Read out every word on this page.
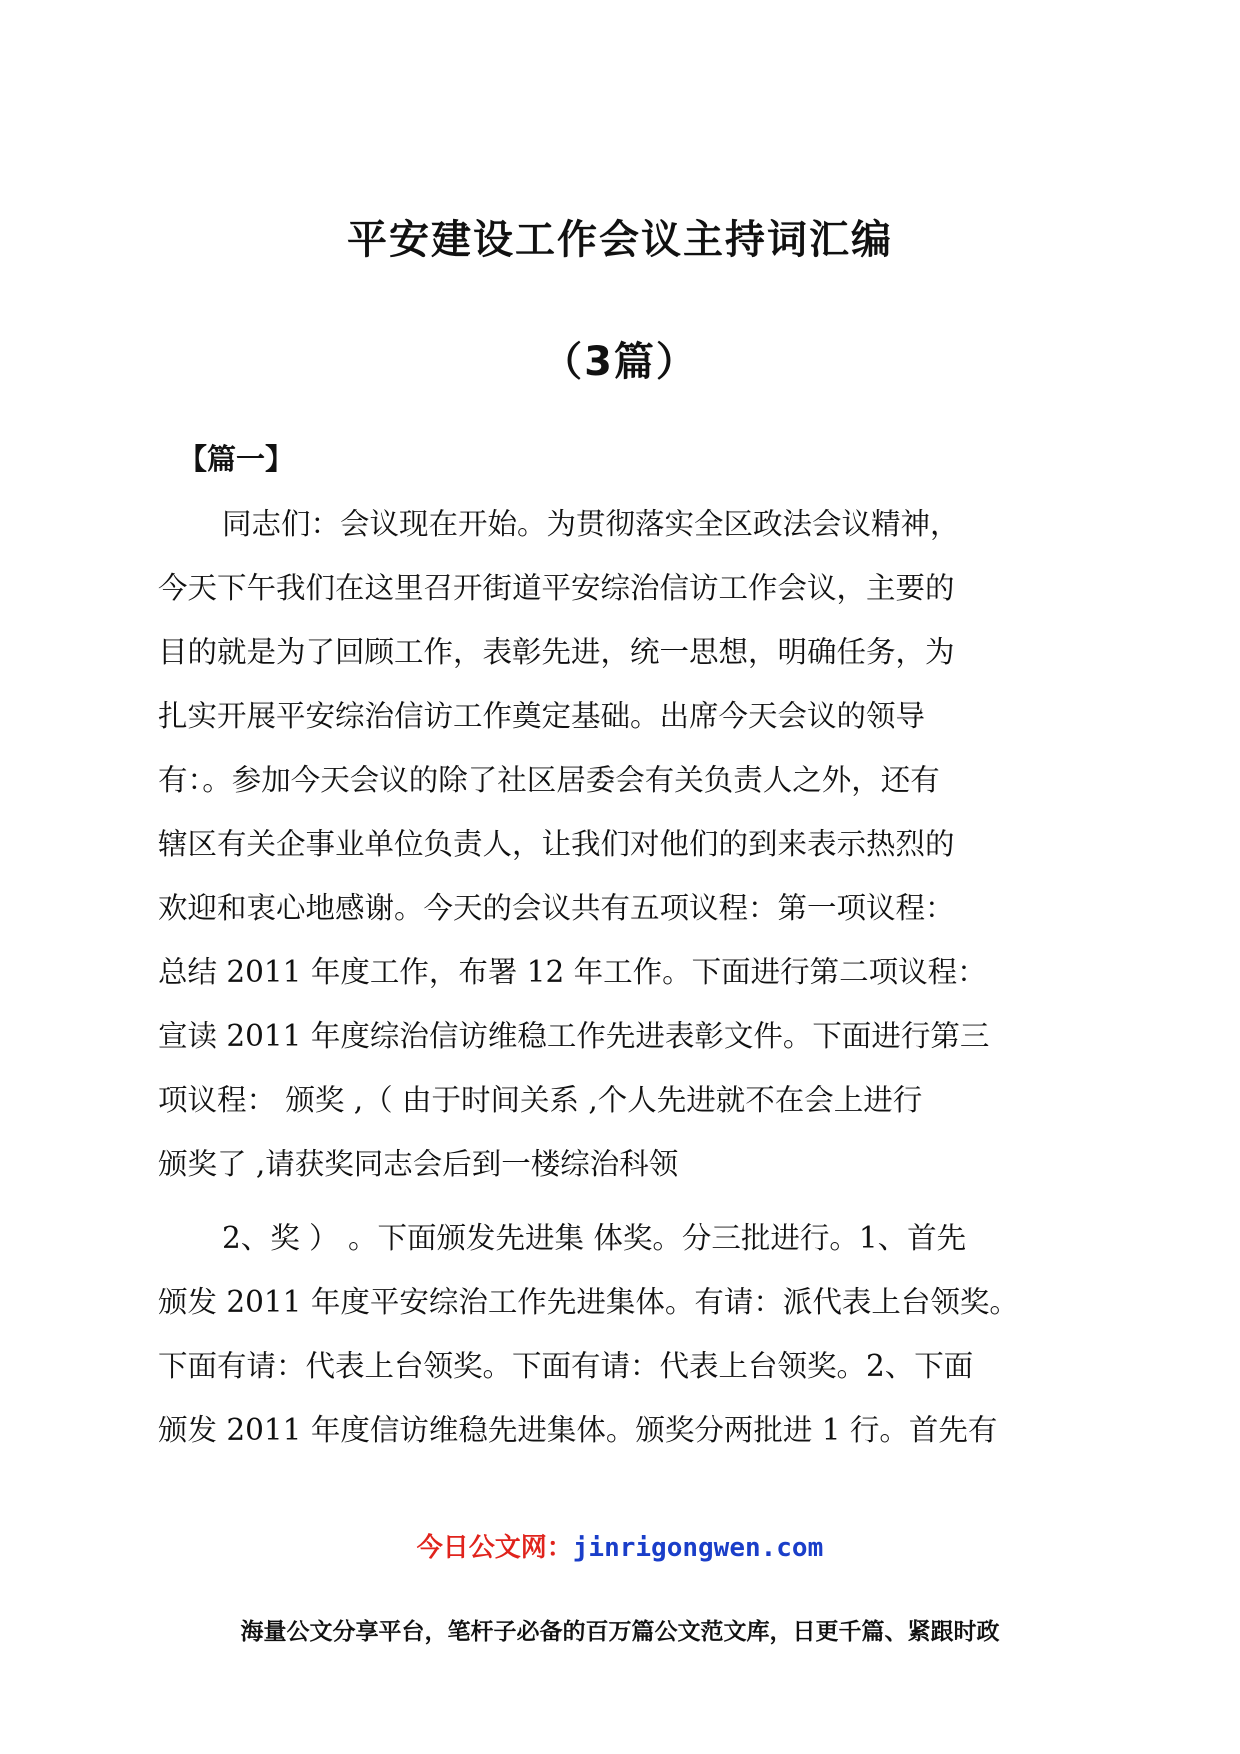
平安建设工作会议主持词汇编
（3篇）

【篇一】

同志们：会议现在开始。为贯彻落实全区政法会议精神，

今天下午我们在这里召开街道平安综治信访工作会议，主要的

目的就是为了回顾工作，表彰先进，统一思想，明确任务，为

扎实开展平安综治信访工作奠定基础。出席今天会议的领导

有：。参加今天会议的除了社区居委会有关负责人之外，还有

辖区有关企事业单位负责人，让我们对他们的到来表示热烈的

欢迎和衷心地感谢。今天的会议共有五项议程：第一项议程：

总结 2011 年度工作，布署 12 年工作。下面进行第二项议程：

宣读 2011 年度综治信访维稳工作先进表彰文件。下面进行第三

项议程： 颁奖 ,（ 由于时间关系 ,个人先进就不在会上进行

颁奖了 ,请获奖同志会后到一楼综治科领

2、奖 ） 。下面颁发先进集 体奖。分三批进行。1、首先

颁发 2011 年度平安综治工作先进集体。有请：派代表上台领奖。

下面有请：代表上台领奖。下面有请：代表上台领奖。2、下面

颁发 2011 年度信访维稳先进集体。颁奖分两批进 1 行。首先有

今日公文网：jinrigongwen.com

海量公文分享平台，笔杆子必备的百万篇公文范文库，日更千篇、紧跟时政
